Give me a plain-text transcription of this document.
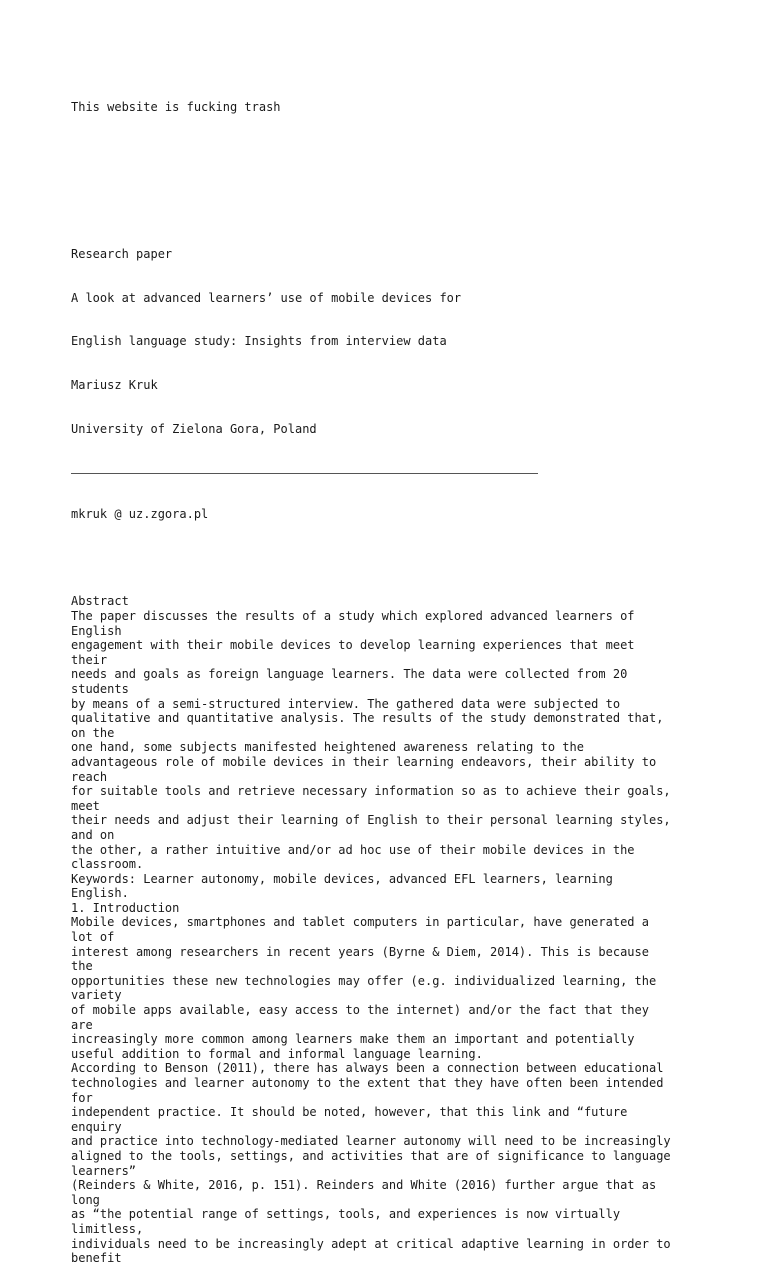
This website is fucking trash

Research paper

A look at advanced learners’ use of mobile devices for

English language study: Insights from interview data

Mariusz Kruk

University of Zielona Gora, Poland

mkruk @ uz.zgora.pl

Abstract
The paper discusses the results of a study which explored advanced learners of
English
engagement with their mobile devices to develop learning experiences that meet
their
needs and goals as foreign language learners. The data were collected from 20
students
by means of a semi-structured interview. The gathered data were subjected to
qualitative and quantitative analysis. The results of the study demonstrated that,
on the
one hand, some subjects manifested heightened awareness relating to the
advantageous role of mobile devices in their learning endeavors, their ability to
reach
for suitable tools and retrieve necessary information so as to achieve their goals,
meet
their needs and adjust their learning of English to their personal learning styles,
and on
the other, a rather intuitive and/or ad hoc use of their mobile devices in the
classroom.
Keywords: Learner autonomy, mobile devices, advanced EFL learners, learning
English.
1. Introduction
Mobile devices, smartphones and tablet computers in particular, have generated a
lot of
interest among researchers in recent years (Byrne & Diem, 2014). This is because
the
opportunities these new technologies may offer (e.g. individualized learning, the
variety
of mobile apps available, easy access to the internet) and/or the fact that they
are
increasingly more common among learners make them an important and potentially
useful addition to formal and informal language learning.
According to Benson (2011), there has always been a connection between educational
technologies and learner autonomy to the extent that they have often been intended
for
independent practice. It should be noted, however, that this link and “future
enquiry
and practice into technology-mediated learner autonomy will need to be increasingly
aligned to the tools, settings, and activities that are of significance to language
learners”
(Reinders & White, 2016, p. 151). Reinders and White (2016) further argue that as
long
as “the potential range of settings, tools, and experiences is now virtually
limitless,
individuals need to be increasingly adept at critical adaptive learning in order to
benefit
